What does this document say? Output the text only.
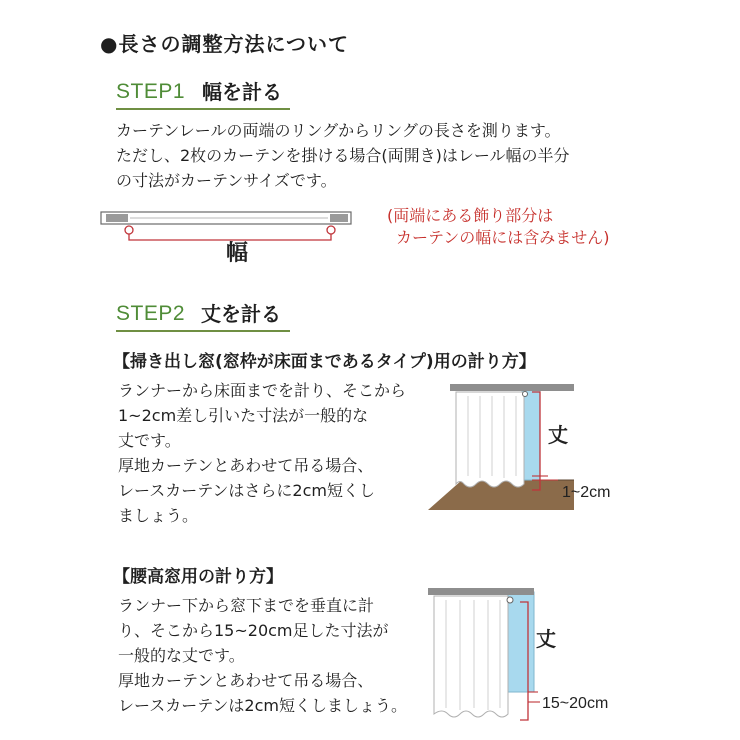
●長さの調整方法について
STEP1 幅を計る
カーテンレールの両端のリングからリングの長さを測ります。
ただし、2枚のカーテンを掛ける場合(両開き)はレール幅の半分
の寸法がカーテンサイズです。
幅
(両端にある飾り部分は
カーテンの幅には含みません)
STEP2 丈を計る
【掃き出し窓(窓枠が床面まであるタイプ)用の計り方】
ランナーから床面までを計り、そこから
1~2cm差し引いた寸法が一般的な
丈です。
厚地カーテンとあわせて吊る場合、
レースカーテンはさらに2cm短くし
ましょう。
丈
1~2cm
【腰高窓用の計り方】
ランナー下から窓下までを垂直に計
り、そこから15~20cm足した寸法が
一般的な丈です。
厚地カーテンとあわせて吊る場合、
レースカーテンは2cm短くしましょう。
丈
15~20cm
